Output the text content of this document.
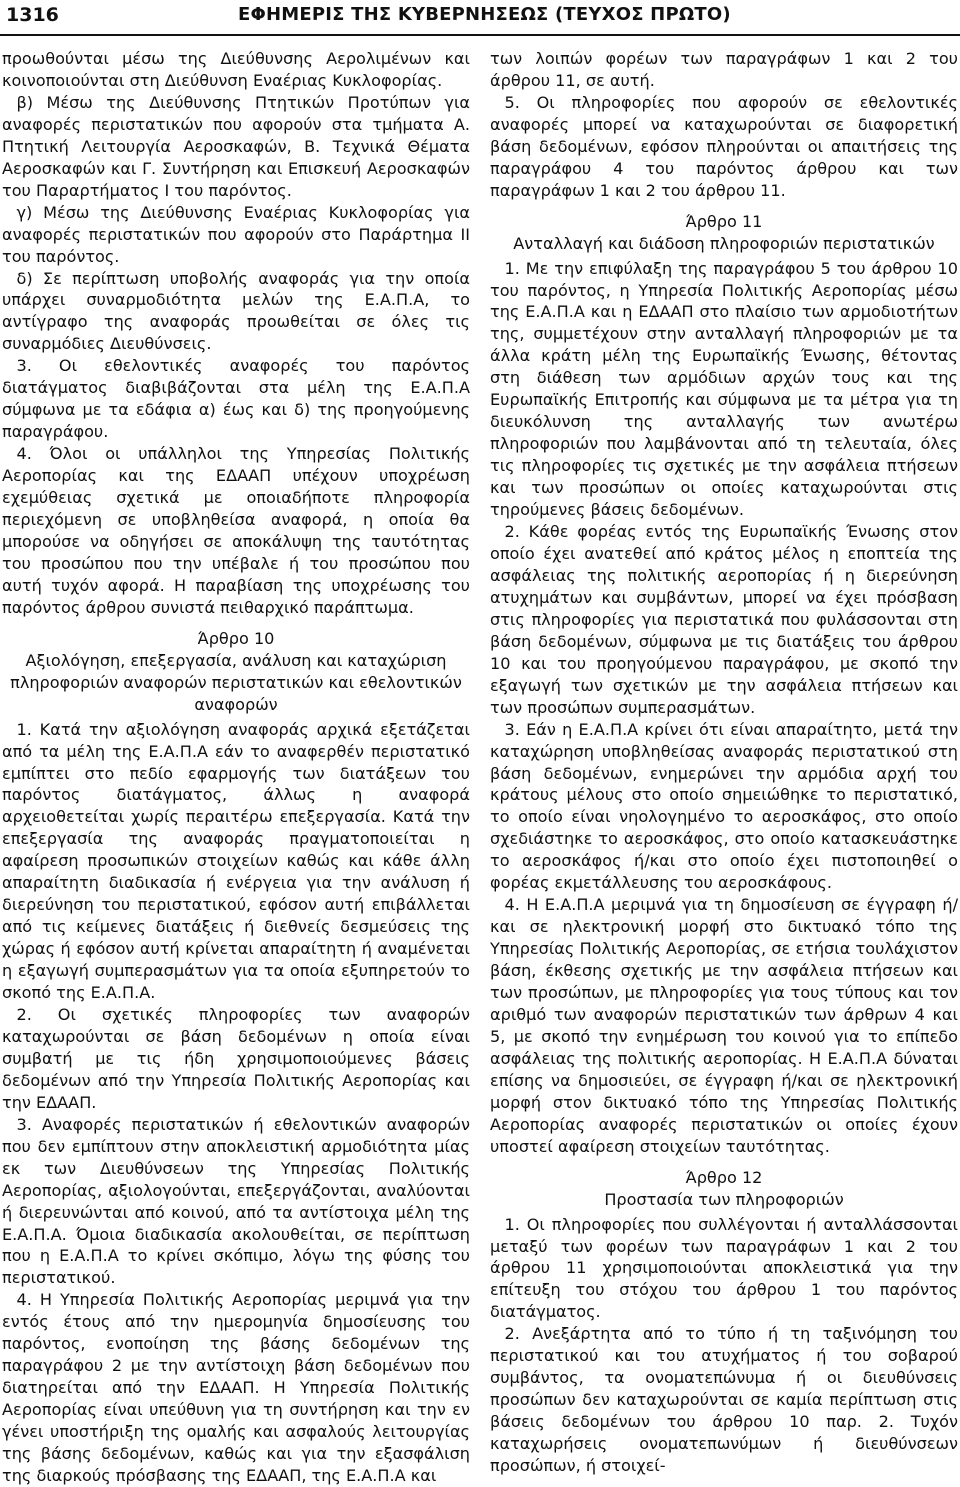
1316	ΕΦΗΜΕΡΙΣ ΤΗΣ ΚΥΒΕΡΝΗΣΕΩΣ (ΤΕΥΧΟΣ ΠΡΩΤΟ)

προωθούνται μέσω της Διεύθυνσης Αερολιμένων και κοινοποιούνται στη Διεύθυνση Εναέριας Κυκλοφορίας.

β) Μέσω της Διεύθυνσης Πτητικών Προτύπων για αναφορές περιστατικών που αφορούν στα τμήματα Α. Πτητική Λειτουργία Αεροσκαφών, Β. Τεχνικά Θέματα Αεροσκαφών και Γ. Συντήρηση και Επισκευή Αεροσκαφών του Παραρτήματος Ι του παρόντος.

γ) Μέσω της Διεύθυνσης Εναέριας Κυκλοφορίας για αναφορές περιστατικών που αφορούν στο Παράρτημα ΙΙ του παρόντος.

δ) Σε περίπτωση υποβολής αναφοράς για την οποία υπάρχει συναρμοδιότητα μελών της Ε.Α.Π.Α, το αντίγραφο της αναφοράς προωθείται σε όλες τις συναρμόδιες Διευθύνσεις.

3. Οι εθελοντικές αναφορές του παρόντος διατάγματος διαβιβάζονται στα μέλη της Ε.Α.Π.Α σύμφωνα με τα εδάφια α) έως και δ) της προηγούμενης παραγράφου.

4. Όλοι οι υπάλληλοι της Υπηρεσίας Πολιτικής Αεροπορίας και της ΕΔΑΑΠ υπέχουν υποχρέωση εχεμύθειας σχετικά με οποιαδήποτε πληροφορία περιεχόμενη σε υποβληθείσα αναφορά, η οποία θα μπορούσε να οδηγήσει σε αποκάλυψη της ταυτότητας του προσώπου που την υπέβαλε ή του προσώπου που αυτή τυχόν αφορά. Η παραβίαση της υποχρέωσης του παρόντος άρθρου συνιστά πειθαρχικό παράπτωμα.

Άρθρο 10

Αξιολόγηση, επεξεργασία, ανάλυση και καταχώριση πληροφοριών αναφορών περιστατικών και εθελοντικών αναφορών

1. Κατά την αξιολόγηση αναφοράς αρχικά εξετάζεται από τα μέλη της Ε.Α.Π.Α εάν το αναφερθέν περιστατικό εμπίπτει στο πεδίο εφαρμογής των διατάξεων του παρόντος διατάγματος, άλλως η αναφορά αρχειοθετείται χωρίς περαιτέρω επεξεργασία. Κατά την επεξεργασία της αναφοράς πραγματοποιείται η αφαίρεση προσωπικών στοιχείων καθώς και κάθε άλλη απαραίτητη διαδικασία ή ενέργεια για την ανάλυση ή διερεύνηση του περιστατικού, εφόσον αυτή επιβάλλεται από τις κείμενες διατάξεις ή διεθνείς δεσμεύσεις της χώρας ή εφόσον αυτή κρίνεται απαραίτητη ή αναμένεται η εξαγωγή συμπερασμάτων για τα οποία εξυπηρετούν το σκοπό της Ε.Α.Π.Α.

2. Οι σχετικές πληροφορίες των αναφορών καταχωρούνται σε βάση δεδομένων η οποία είναι συμβατή με τις ήδη χρησιμοποιούμενες βάσεις δεδομένων από την Υπηρεσία Πολιτικής Αεροπορίας και την ΕΔΑΑΠ.

3. Αναφορές περιστατικών ή εθελοντικών αναφορών που δεν εμπίπτουν στην αποκλειστική αρμοδιότητα μίας εκ των Διευθύνσεων της Υπηρεσίας Πολιτικής Αεροπορίας, αξιολογούνται, επεξεργάζονται, αναλύονται ή διερευνώνται από κοινού, από τα αντίστοιχα μέλη της Ε.Α.Π.Α. Όμοια διαδικασία ακολουθείται, σε περίπτωση που η Ε.Α.Π.Α το κρίνει σκόπιμο, λόγω της φύσης του περιστατικού.

4. Η Υπηρεσία Πολιτικής Αεροπορίας μεριμνά για την εντός έτους από την ημερομηνία δημοσίευσης του παρόντος, ενοποίηση της βάσης δεδομένων της παραγράφου 2 με την αντίστοιχη βάση δεδομένων που διατηρείται από την ΕΔΑΑΠ. Η Υπηρεσία Πολιτικής Αεροπορίας είναι υπεύθυνη για τη συντήρηση και την εν γένει υποστήριξη της ομαλής και ασφαλούς λειτουργίας της βάσης δεδομένων, καθώς και για την εξασφάλιση της διαρκούς πρόσβασης της ΕΔΑΑΠ, της Ε.Α.Π.Α και

των λοιπών φορέων των παραγράφων 1 και 2 του άρθρου 11, σε αυτή.

5. Οι πληροφορίες που αφορούν σε εθελοντικές αναφορές μπορεί να καταχωρούνται σε διαφορετική βάση δεδομένων, εφόσον πληρούνται οι απαιτήσεις της παραγράφου 4 του παρόντος άρθρου και των παραγράφων 1 και 2 του άρθρου 11.

Άρθρο 11

Ανταλλαγή και διάδοση πληροφοριών περιστατικών

1. Με την επιφύλαξη της παραγράφου 5 του άρθρου 10 του παρόντος, η Υπηρεσία Πολιτικής Αεροπορίας μέσω της Ε.Α.Π.Α και η ΕΔΑΑΠ στο πλαίσιο των αρμοδιοτήτων της, συμμετέχουν στην ανταλλαγή πληροφοριών με τα άλλα κράτη μέλη της Ευρωπαϊκής Ένωσης, θέτοντας στη διάθεση των αρμόδιων αρχών τους και της Ευρωπαϊκής Επιτροπής και σύμφωνα με τα μέτρα για τη διευκόλυνση της ανταλλαγής των ανωτέρω πληροφοριών που λαμβάνονται από τη τελευταία, όλες τις πληροφορίες τις σχετικές με την ασφάλεια πτήσεων και των προσώπων οι οποίες καταχωρούνται στις τηρούμενες βάσεις δεδομένων.

2. Κάθε φορέας εντός της Ευρωπαϊκής Ένωσης στον οποίο έχει ανατεθεί από κράτος μέλος η εποπτεία της ασφάλειας της πολιτικής αεροπορίας ή η διερεύνηση ατυχημάτων και συμβάντων, μπορεί να έχει πρόσβαση στις πληροφορίες για περιστατικά που φυλάσσονται στη βάση δεδομένων, σύμφωνα με τις διατάξεις του άρθρου 10 και του προηγούμενου παραγράφου, με σκοπό την εξαγωγή των σχετικών με την ασφάλεια πτήσεων και των προσώπων συμπερασμάτων.

3. Εάν η Ε.Α.Π.Α κρίνει ότι είναι απαραίτητο, μετά την καταχώρηση υποβληθείσας αναφοράς περιστατικού στη βάση δεδομένων, ενημερώνει την αρμόδια αρχή του κράτους μέλους στο οποίο σημειώθηκε το περιστατικό, το οποίο είναι νηολογημένο το αεροσκάφος, στο οποίο σχεδιάστηκε το αεροσκάφος, στο οποίο κατασκευάστηκε το αεροσκάφος ή/και στο οποίο έχει πιστοποιηθεί ο φορέας εκμετάλλευσης του αεροσκάφους.

4. Η Ε.Α.Π.Α μεριμνά για τη δημοσίευση σε έγγραφη ή/και σε ηλεκτρονική μορφή στο δικτυακό τόπο της Υπηρεσίας Πολιτικής Αεροπορίας, σε ετήσια τουλάχιστον βάση, έκθεσης σχετικής με την ασφάλεια πτήσεων και των προσώπων, με πληροφορίες για τους τύπους και τον αριθμό των αναφορών περιστατικών των άρθρων 4 και 5, με σκοπό την ενημέρωση του κοινού για το επίπεδο ασφάλειας της πολιτικής αεροπορίας. Η Ε.Α.Π.Α δύναται επίσης να δημοσιεύει, σε έγγραφη ή/και σε ηλεκτρονική μορφή στον δικτυακό τόπο της Υπηρεσίας Πολιτικής Αεροπορίας αναφορές περιστατικών οι οποίες έχουν υποστεί αφαίρεση στοιχείων ταυτότητας.

Άρθρο 12

Προστασία των πληροφοριών

1. Οι πληροφορίες που συλλέγονται ή ανταλλάσσονται μεταξύ των φορέων των παραγράφων 1 και 2 του άρθρου 11 χρησιμοποιούνται αποκλειστικά για την επίτευξη του στόχου του άρθρου 1 του παρόντος διατάγματος.

2. Ανεξάρτητα από το τύπο ή τη ταξινόμηση του περιστατικού και του ατυχήματος ή του σοβαρού συμβάντος, τα ονοματεπώνυμα ή οι διευθύνσεις προσώπων δεν καταχωρούνται σε καμία περίπτωση στις βάσεις δεδομένων του άρθρου 10 παρ. 2. Τυχόν καταχωρήσεις ονοματεπωνύμων ή διευθύνσεων προσώπων, ή στοιχεί-
